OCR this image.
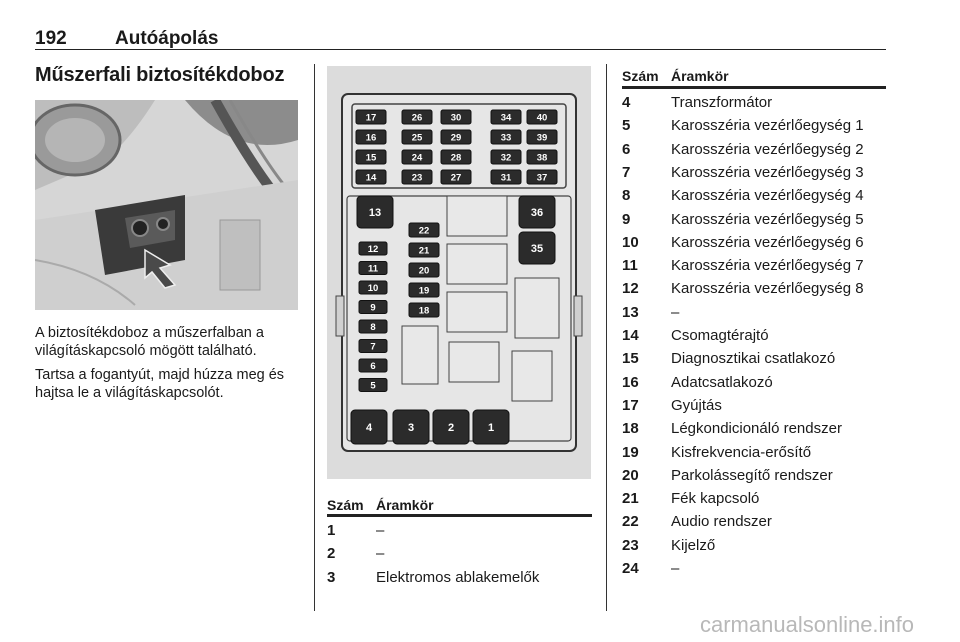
192	Autóápolás
Műszerfali biztosítékdoboz
A biztosítékdoboz a műszerfalban a világításkapcsoló mögött található.
Tartsa a fogantyút, majd húzza meg és hajtsa le a világításkapcsolót.
17
16
15
14
26
25
24
23
30
29
28
27
34
33
32
31
40
39
38
37
13	36
35
22
21
20
19
18
12
11
10
9
8
7
6
5
4	3	2	1
Szám Áramkör
1	–
2	–
3	Elektromos ablakemelők
Szám Áramkör
4	Transzformátor
5	Karosszéria vezérlőegység 1
6	Karosszéria vezérlőegység 2
7	Karosszéria vezérlőegység 3
8	Karosszéria vezérlőegység 4
9	Karosszéria vezérlőegység 5
10 Karosszéria vezérlőegység 6
11 Karosszéria vezérlőegység 7
12 Karosszéria vezérlőegység 8
13 –
14 Csomagtérajtó
15 Diagnosztikai csatlakozó
16 Adatcsatlakozó
17 Gyújtás
18 Légkondicionáló rendszer
19 Kisfrekvencia-erősítő
20 Parkolássegítő rendszer
21 Fék kapcsoló
22 Audio rendszer
23 Kijelző
24 –
carmanualsonline.info
